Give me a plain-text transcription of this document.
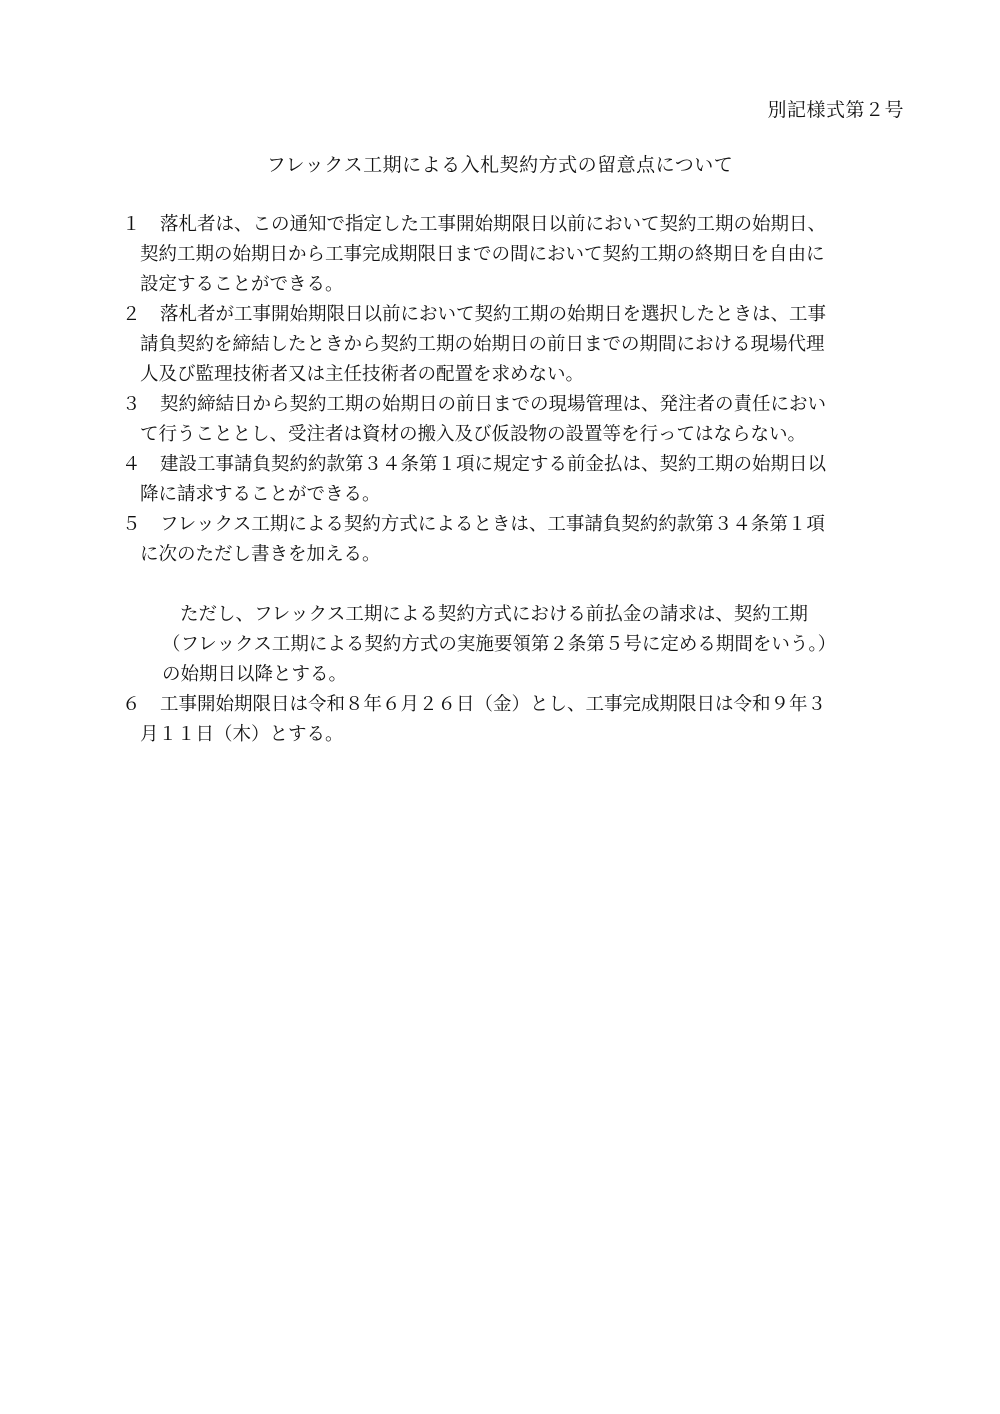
別記様式第２号
フレックス工期による入札契約方式の留意点について
１ 落札者は、この通知で指定した工事開始期限日以前において契約工期の始期日、
契約工期の始期日から工事完成期限日までの間において契約工期の終期日を自由に
設定することができる。
２ 落札者が工事開始期限日以前において契約工期の始期日を選択したときは、工事
請負契約を締結したときから契約工期の始期日の前日までの期間における現場代理
人及び監理技術者又は主任技術者の配置を求めない。
３ 契約締結日から契約工期の始期日の前日までの現場管理は、発注者の責任におい
て行うこととし、受注者は資材の搬入及び仮設物の設置等を行ってはならない。
４ 建設工事請負契約約款第３４条第１項に規定する前金払は、契約工期の始期日以
降に請求することができる。
５ フレックス工期による契約方式によるときは、工事請負契約約款第３４条第１項
に次のただし書きを加える。
ただし、フレックス工期による契約方式における前払金の請求は、契約工期
（フレックス工期による契約方式の実施要領第２条第５号に定める期間をいう。）
の始期日以降とする。
６ 工事開始期限日は令和８年６月２６日（金）とし、工事完成期限日は令和９年３
月１１日（木）とする。
